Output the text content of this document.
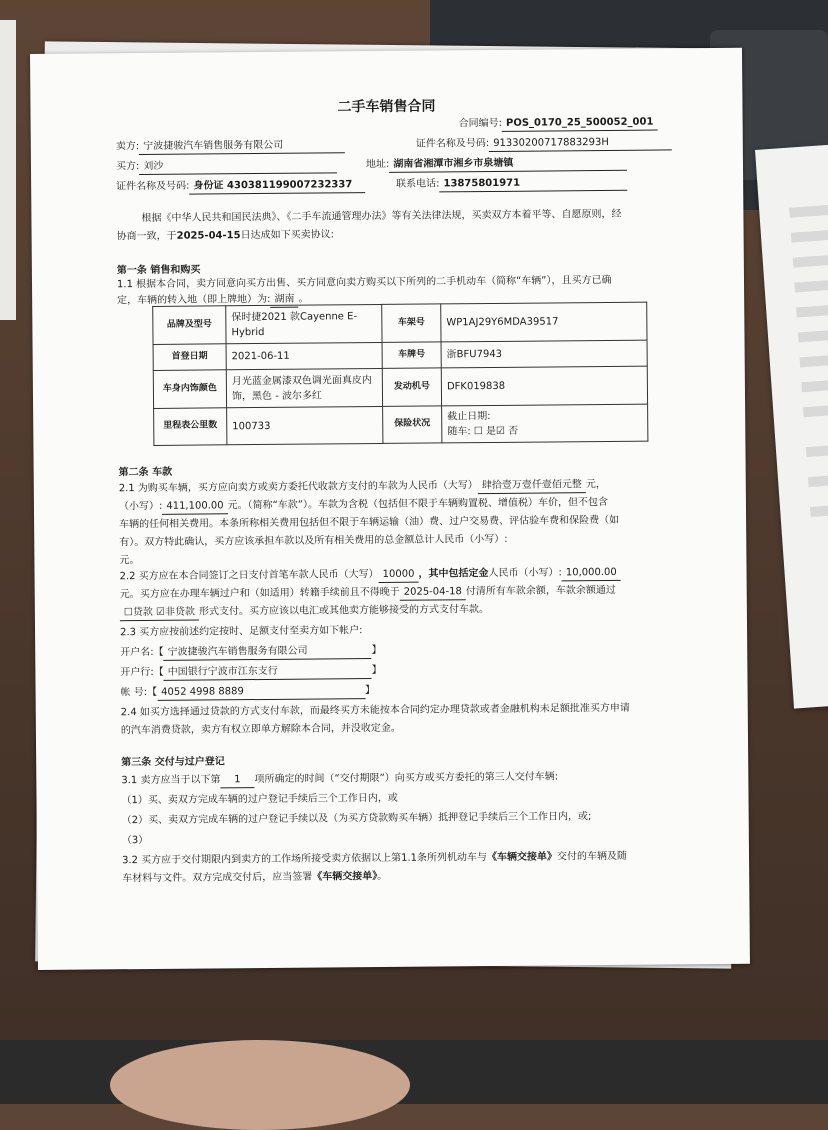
二手车销售合同
合同编号: POS_0170_25_500052_001
卖方: 宁波捷骏汽车销售服务有限公司	证件名称及号码: 91330200717883293H
买方: 刘沙	地址: 湖南省湘潭市湘乡市泉塘镇
证件名称及号码: 身份证 430381199007232337	联系电话: 13875801971
根据《中华人民共和国民法典》、《二手车流通管理办法》等有关法律法规，买卖双方本着平等、自愿原则，经
协商一致，于2025-04-15日达成如下买卖协议:
第一条 销售和购买
1.1 根据本合同，卖方同意向买方出售、买方同意向卖方购买以下所列的二手机动车（简称“车辆”），且买方已确
定，车辆的转入地（即上牌地）为: 湖南 。
品牌及型号	保时捷2021 款Cayenne E-Hybrid	车架号	WP1AJ29Y6MDA39517
首登日期	2021-06-11	车牌号	浙BFU7943
车身内饰颜色	月光蓝金属漆双色调光面真皮内饰，黑色 - 波尔多红	发动机号	DFK019838
里程表公里数	100733	保险状况	截止日期:
随车: ☐ 是☑ 否
第二条 车款
2.1 为购买车辆，买方应向卖方或卖方委托代收款方支付的车款为人民币（大写） 肆拾壹万壹仟壹佰元整 元，
（小写）: 411,100.00 元。（简称“车款”）。车款为含税（包括但不限于车辆购置税、增值税）车价，但不包含
车辆的任何相关费用。本条所称相关费用包括但不限于车辆运输（油）费、过户交易费、评估验车费和保险费（如
有）。双方特此确认，买方应该承担车款以及所有相关费用的总金额总计人民币（小写）:
元。
2.2 买方应在本合同签订之日支付首笔车款人民币（大写） 10000 ，其中包括定金人民币（小写）: 10,000.00
元。买方应在办理车辆过户和（如适用）转籍手续前且不得晚于 2025-04-18 付清所有车款余额，车款余额通过
☐贷款 ☑非贷款 形式支付。买方应该以电汇或其他卖方能够接受的方式支付车款。
2.3 买方应按前述约定按时、足额支付至卖方如下帐户:
开户名:【 宁波捷骏汽车销售服务有限公司	】
开户行:【 中国银行宁波市江东支行	】
帐 号:【 4052 4998 8889	】
2.4 如买方选择通过贷款的方式支付车款，而最终买方未能按本合同约定办理贷款或者金融机构未足额批准买方申请
的汽车消费贷款，卖方有权立即单方解除本合同，并没收定金。
第三条 交付与过户登记
3.1 卖方应当于以下第 1 项所确定的时间（“交付期限”）向买方或买方委托的第三人交付车辆:
（1）买、卖双方完成车辆的过户登记手续后三个工作日内，或
（2）买、卖双方完成车辆的过户登记手续以及（为买方贷款购买车辆）抵押登记手续后三个工作日内，或;
（3）
3.2 买方应于交付期限内到卖方的工作场所接受卖方依据以上第1.1条所列机动车与《车辆交接单》交付的车辆及随
车材料与文件。双方完成交付后，应当签署《车辆交接单》。
